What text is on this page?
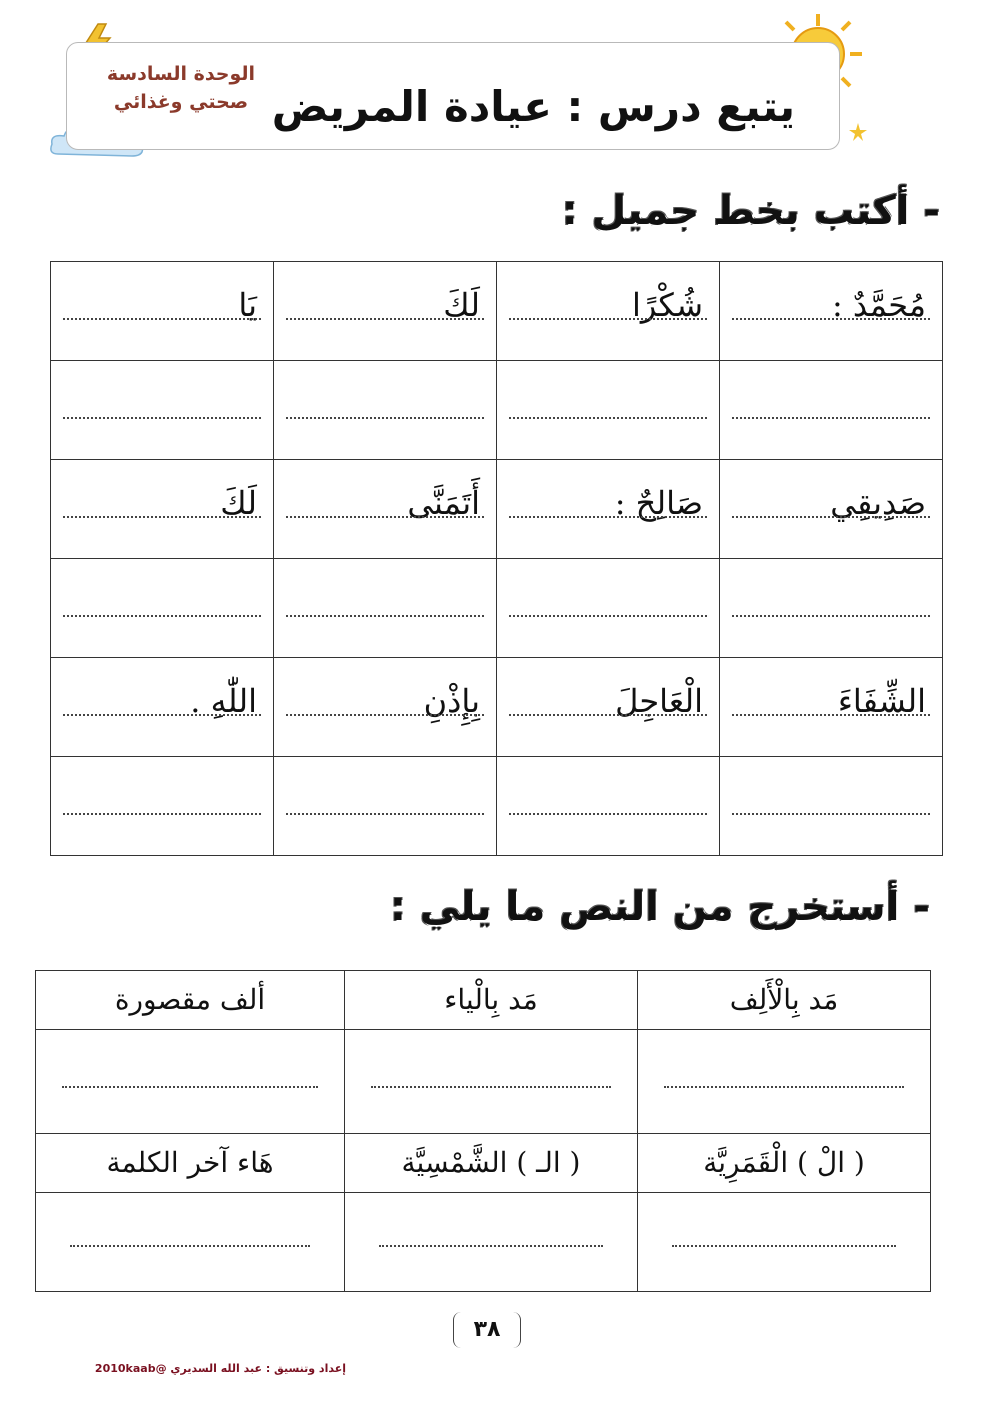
الوحدة السادسة
صحتي وغذائي يتبع درس : عيادة المريض
- أكتب بخط جميل :
مُحَمَّدٌ :	شُكْرًا	لَكَ	يَا

صَدِيقِي	صَالِحٌ :	أَتَمَنَّى	لَكَ

الشِّفَاءَ	الْعَاجِلَ	بِإِذْنِ	اللّٰهِ .

- أستخرج من النص ما يلي :
مَد بِالْأَلِف	مَد بِالْياء	ألف مقصورة

( الْ ) الْقَمَرِيَّة	( الـ ) الشَّمْسِيَّة	هَاء آخر الكلمة

٣٨
إعداد وتنسيق : عبد الله السديري @2010kaab
